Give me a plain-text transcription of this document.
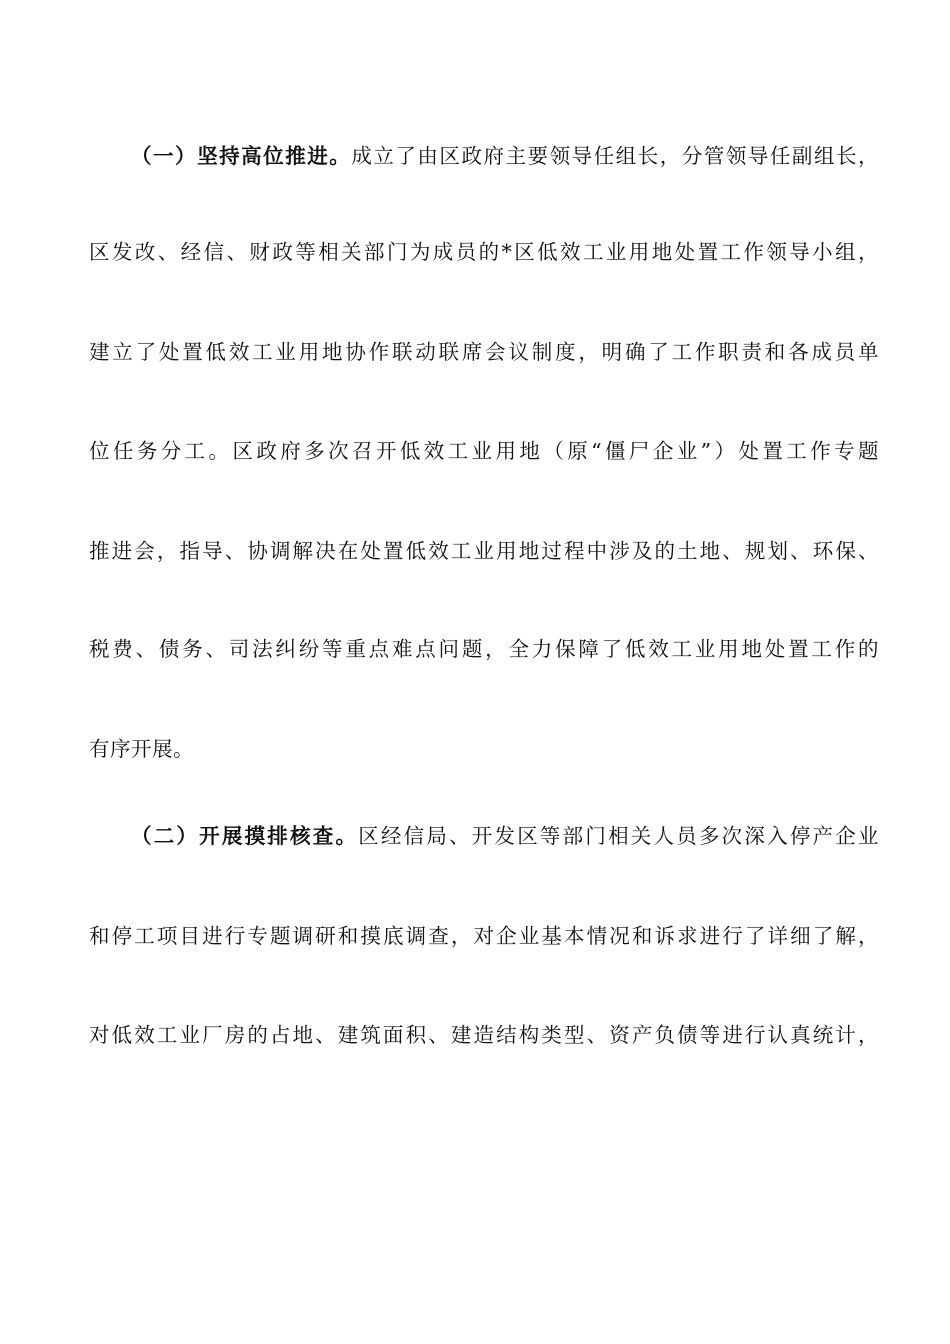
（一）坚持高位推进。成立了由区政府主要领导任组长，分管领导任副组长，
区发改、经信、财政等相关部门为成员的*区低效工业用地处置工作领导小组，
建立了处置低效工业用地协作联动联席会议制度，明确了工作职责和各成员单
位任务分工。区政府多次召开低效工业用地（原“僵尸企业”）处置工作专题
推进会，指导、协调解决在处置低效工业用地过程中涉及的土地、规划、环保、
税费、债务、司法纠纷等重点难点问题，全力保障了低效工业用地处置工作的
有序开展。
（二）开展摸排核查。区经信局、开发区等部门相关人员多次深入停产企业
和停工项目进行专题调研和摸底调查，对企业基本情况和诉求进行了详细了解，
对低效工业厂房的占地、建筑面积、建造结构类型、资产负债等进行认真统计，
